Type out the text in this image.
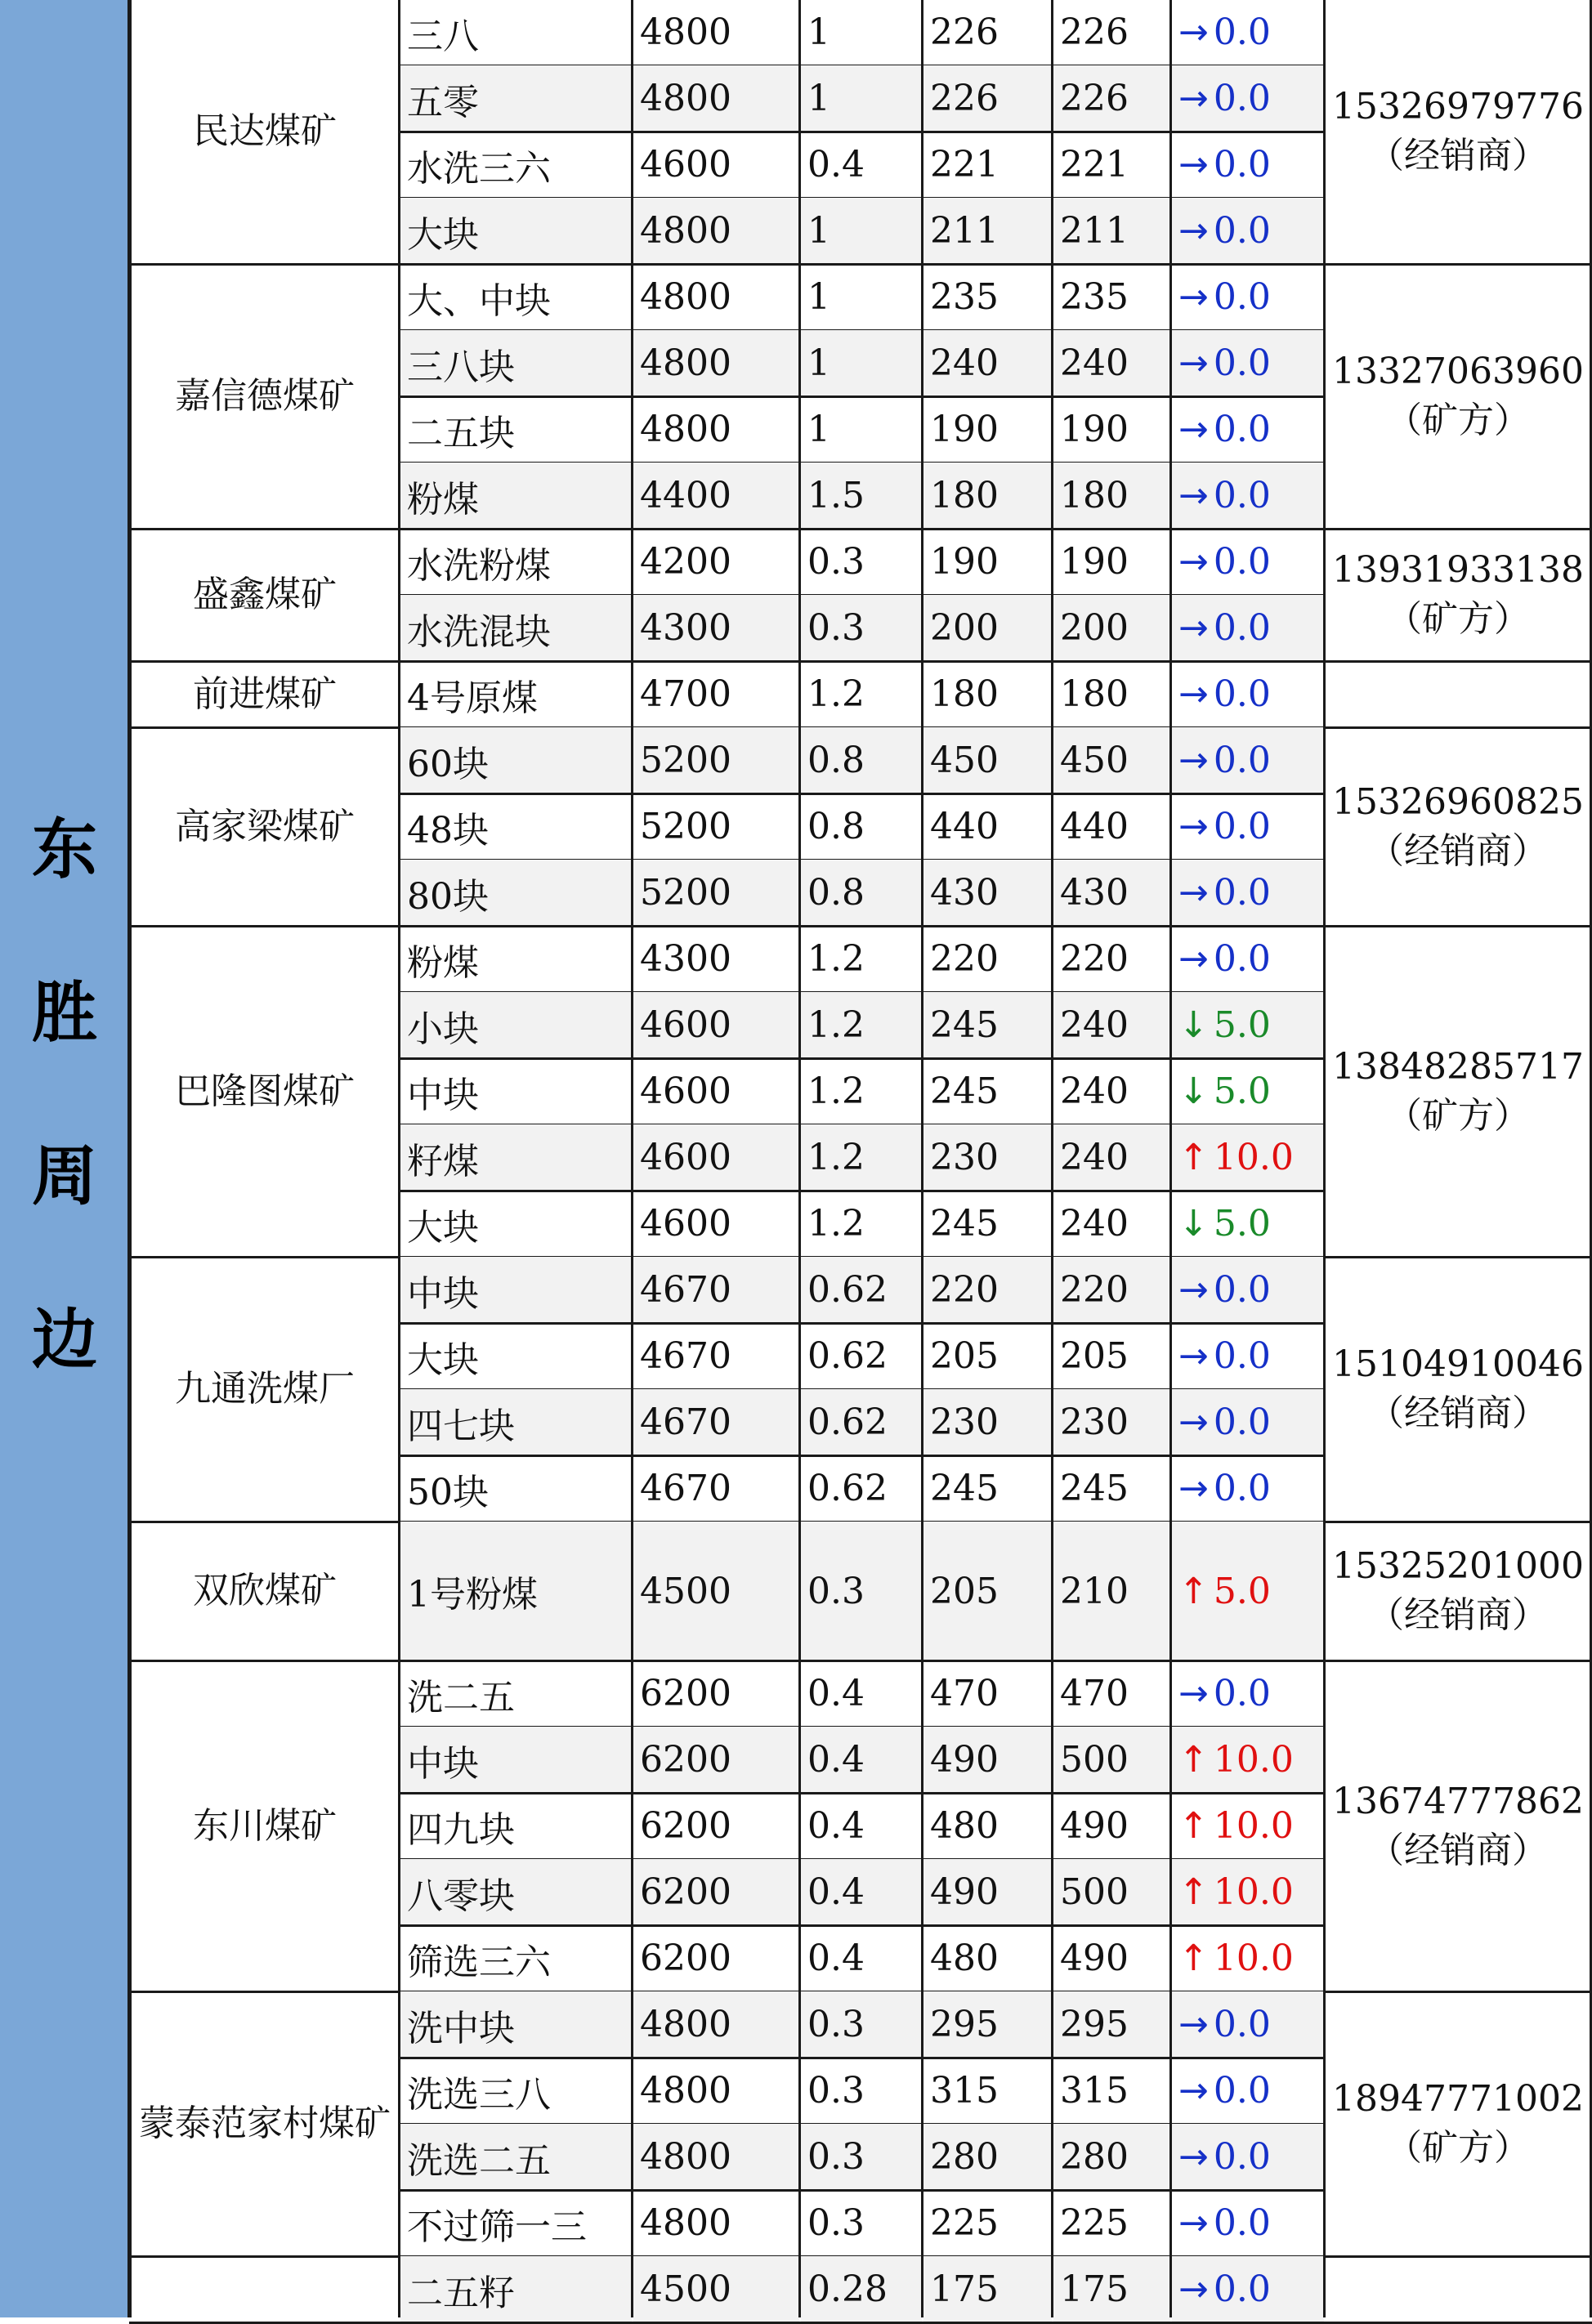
东
胜
周
边
三八	4800	1	226	226	→ 0.0
五零	4800	1	226	226	→ 0.0
水洗三六	4600	0.4	221	221	→ 0.0
大块	4800	1	211	211	→ 0.0
民达煤矿
15326979776
（经销商）
大、中块	4800	1	235	235	→ 0.0
三八块	4800	1	240	240	→ 0.0
二五块	4800	1	190	190	→ 0.0
粉煤	4400	1.5	180	180	→ 0.0
嘉信德煤矿
13327063960
（矿方）
水洗粉煤	4200	0.3	190	190	→ 0.0
水洗混块	4300	0.3	200	200	→ 0.0
盛鑫煤矿
13931933138
（矿方）
4号原煤	4700	1.2	180	180	→ 0.0
前进煤矿
60块	5200	0.8	450	450	→ 0.0
48块	5200	0.8	440	440	→ 0.0
80块	5200	0.8	430	430	→ 0.0
高家梁煤矿
15326960825
（经销商）
粉煤	4300	1.2	220	220	→ 0.0
小块	4600	1.2	245	240	↓ 5.0
中块	4600	1.2	245	240	↓ 5.0
籽煤	4600	1.2	230	240	↑ 10.0
大块	4600	1.2	245	240	↓ 5.0
巴隆图煤矿
13848285717
（矿方）
中块	4670	0.62	220	220	→ 0.0
大块	4670	0.62	205	205	→ 0.0
四七块	4670	0.62	230	230	→ 0.0
50块	4670	0.62	245	245	→ 0.0
九通洗煤厂
15104910046
（经销商）
1号粉煤	4500	0.3	205	210	↑ 5.0
双欣煤矿
15325201000
（经销商）
洗二五	6200	0.4	470	470	→ 0.0
中块	6200	0.4	490	500	↑ 10.0
四九块	6200	0.4	480	490	↑ 10.0
八零块	6200	0.4	490	500	↑ 10.0
筛选三六	6200	0.4	480	490	↑ 10.0
东川煤矿
13674777862
（经销商）
洗中块	4800	0.3	295	295	→ 0.0
洗选三八	4800	0.3	315	315	→ 0.0
洗选二五	4800	0.3	280	280	→ 0.0
不过筛一三	4800	0.3	225	225	→ 0.0
蒙泰范家村煤矿
18947771002
（矿方）
二五籽	4500	0.28	175	175	→ 0.0
